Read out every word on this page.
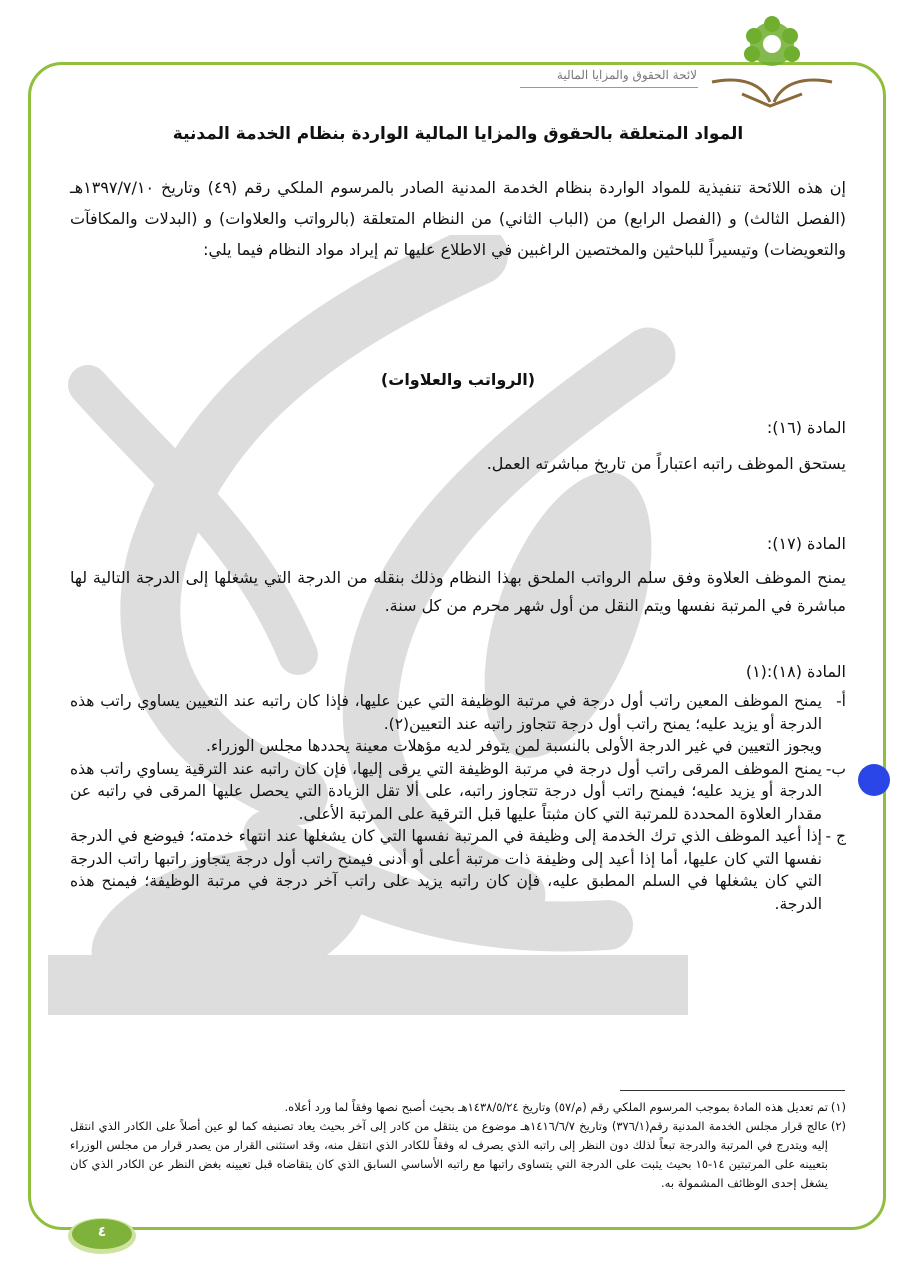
لائحة الحقوق والمزايا المالية
المواد المتعلقة بالحقوق والمزايا المالية الواردة بنظام الخدمة المدنية
إن هذه اللائحة تنفيذية للمواد الواردة بنظام الخدمة المدنية الصادر بالمرسوم الملكي رقم (٤٩) وتاريخ ١٣٩٧/٧/١٠هـ (الفصل الثالث) و (الفصل الرابع) من (الباب الثاني) من النظام المتعلقة (بالرواتب والعلاوات) و (البدلات والمكافآت والتعويضات) وتيسيراً للباحثين والمختصين الراغبين في الاطلاع عليها تم إيراد مواد النظام فيما يلي:
(الرواتب والعلاوات)
المادة (١٦):
يستحق الموظف راتبه اعتباراً من تاريخ مباشرته العمل.
المادة (١٧):
يمنح الموظف العلاوة وفق سلم الرواتب الملحق بهذا النظام وذلك بنقله من الدرجة التي يشغلها إلى الدرجة التالية لها مباشرة في المرتبة نفسها ويتم النقل من أول شهر محرم من كل سنة.
المادة (١٨):(١)
أ-
يمنح الموظف المعين راتب أول درجة في مرتبة الوظيفة التي عين عليها، فإذا كان راتبه عند التعيين يساوي راتب هذه الدرجة أو يزيد عليه؛ يمنح راتب أول درجة تتجاوز راتبه عند التعيين(٢).
ويجوز التعيين في غير الدرجة الأولى بالنسبة لمن يتوفر لديه مؤهلات معينة يحددها مجلس الوزراء.
ب-
يمنح الموظف المرقى راتب أول درجة في مرتبة الوظيفة التي يرقى إليها، فإن كان راتبه عند الترقية يساوي راتب هذه الدرجة أو يزيد عليه؛ فيمنح راتب أول درجة تتجاوز راتبه، على ألا تقل الزيادة التي يحصل عليها المرقى في راتبه عن مقدار العلاوة المحددة للمرتبة التي كان مثبتاً عليها قبل الترقية على المرتبة الأعلى.
ج -
إذا أعيد الموظف الذي ترك الخدمة إلى وظيفة في المرتبة نفسها التي كان يشغلها عند انتهاء خدمته؛ فيوضع في الدرجة نفسها التي كان عليها، أما إذا أعيد إلى وظيفة ذات مرتبة أعلى أو أدنى فيمنح راتب أول درجة يتجاوز راتبها راتب الدرجة التي كان يشغلها في السلم المطبق عليه، فإن كان راتبه يزيد على راتب آخر درجة في مرتبة الوظيفة؛ فيمنح هذه الدرجة.
(١)
تم تعديل هذه المادة بموجب المرسوم الملكي رقم (م/٥٧) وتاريخ ١٤٣٨/٥/٢٤هـ بحيث أصبح نصها وفقاً لما ورد أعلاه.
(٢)
عالج قرار مجلس الخدمة المدنية رقم(٣٧٦/١) وتاريخ ١٤١٦/٦/٧هـ موضوع من ينتقل من كادر إلى آخر بحيث يعاد تصنيفه كما لو عين أصلاً على الكادر الذي انتقل إليه ويتدرج في المرتبة والدرجة تبعاً لذلك دون النظر إلى راتبه الذي يصرف له وفقاً للكادر الذي انتقل منه، وقد استثنى القرار من يصدر قرار من مجلس الوزراء بتعيينه على المرتبتين ١٤-١٥ بحيث يثبت على الدرجة التي يتساوى راتبها مع راتبه الأساسي السابق الذي كان يتقاضاه قبل تعيينه بغض النظر عن الكادر الذي كان يشغل إحدى الوظائف المشمولة به.
٤
